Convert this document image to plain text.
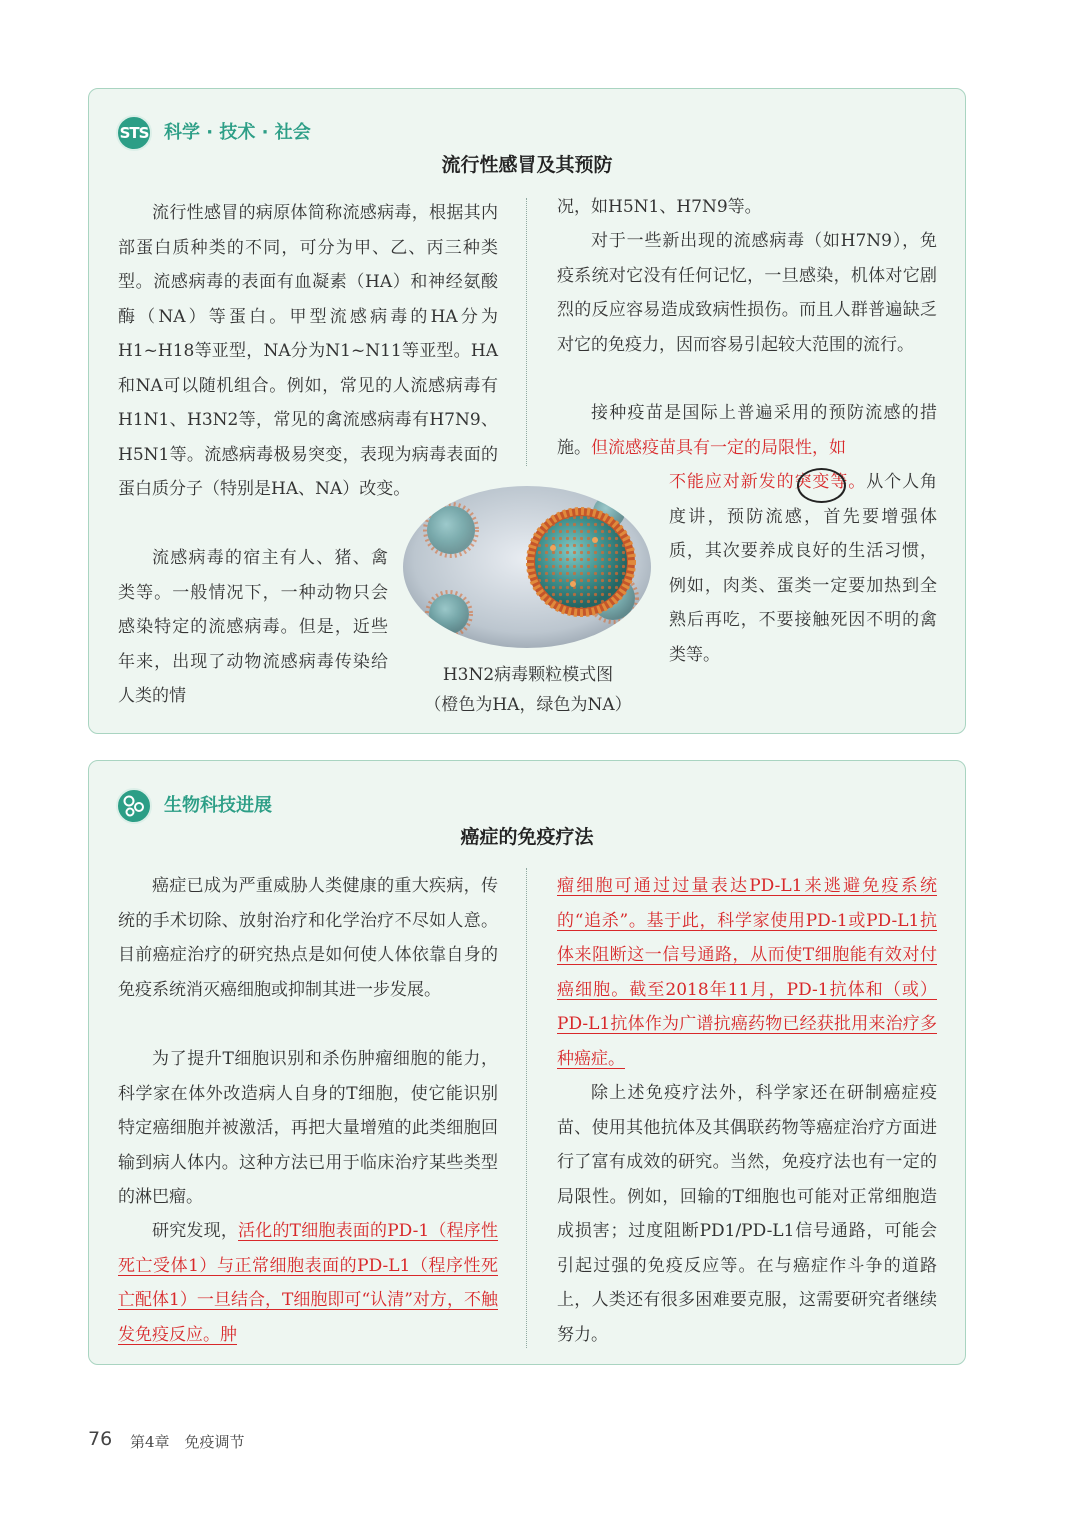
STS 科学 · 技术 · 社会
流行性感冒及其预防
流行性感冒的病原体简称流感病毒，根据其内部蛋白质种类的不同，可分为甲、乙、丙三种类型。流感病毒的表面有血凝素（HA）和神经氨酸酶（NA）等蛋白。甲型流感病毒的HA分为H1~H18等亚型，NA分为N1~N11等亚型。HA和NA可以随机组合。例如，常见的人流感病毒有H1N1、H3N2等，常见的禽流感病毒有H7N9、H5N1等。流感病毒极易突变，表现为病毒表面的蛋白质分子（特别是HA、NA）改变。
流感病毒的宿主有人、猪、禽类等。一般情况下，一种动物只会感染特定的流感病毒。但是，近些年来，出现了动物流感病毒传染给人类的情
况，如H5N1、H7N9等。
对于一些新出现的流感病毒（如H7N9），免疫系统对它没有任何记忆，一旦感染，机体对它剧烈的反应容易造成致病性损伤。而且人群普遍缺乏对它的免疫力，因而容易引起较大范围的流行。
接种疫苗是国际上普遍采用的预防流感的措施。但流感疫苗具有一定的局限性，如
不能应对新发的突变等。从个人角度讲，预防流感，首先要增强体质，其次要养成良好的生活习惯，例如，肉类、蛋类一定要加热到全熟后再吃，不要接触死因不明的禽类等。
H3N2病毒颗粒模式图
（橙色为HA，绿色为NA）
生物科技进展
癌症的免疫疗法
癌症已成为严重威胁人类健康的重大疾病，传统的手术切除、放射治疗和化学治疗不尽如人意。目前癌症治疗的研究热点是如何使人体依靠自身的免疫系统消灭癌细胞或抑制其进一步发展。
为了提升T细胞识别和杀伤肿瘤细胞的能力，科学家在体外改造病人自身的T细胞，使它能识别特定癌细胞并被激活，再把大量增殖的此类细胞回输到病人体内。这种方法已用于临床治疗某些类型的淋巴瘤。
研究发现，活化的T细胞表面的PD-1（程序性死亡受体1）与正常细胞表面的PD-L1（程序性死亡配体1）一旦结合，T细胞即可“认清”对方，不触发免疫反应。肿
瘤细胞可通过过量表达PD-L1来逃避免疫系统的“追杀”。基于此，科学家使用PD-1或PD-L1抗体来阻断这一信号通路，从而使T细胞能有效对付癌细胞。截至2018年11月，PD-1抗体和（或）PD-L1抗体作为广谱抗癌药物已经获批用来治疗多种癌症。
除上述免疫疗法外，科学家还在研制癌症疫苗、使用其他抗体及其偶联药物等癌症治疗方面进行了富有成效的研究。当然，免疫疗法也有一定的局限性。例如，回输的T细胞也可能对正常细胞造成损害；过度阻断PD1/PD-L1信号通路，可能会引起过强的免疫反应等。在与癌症作斗争的道路上，人类还有很多困难要克服，这需要研究者继续努力。
76 第4章　免疫调节
